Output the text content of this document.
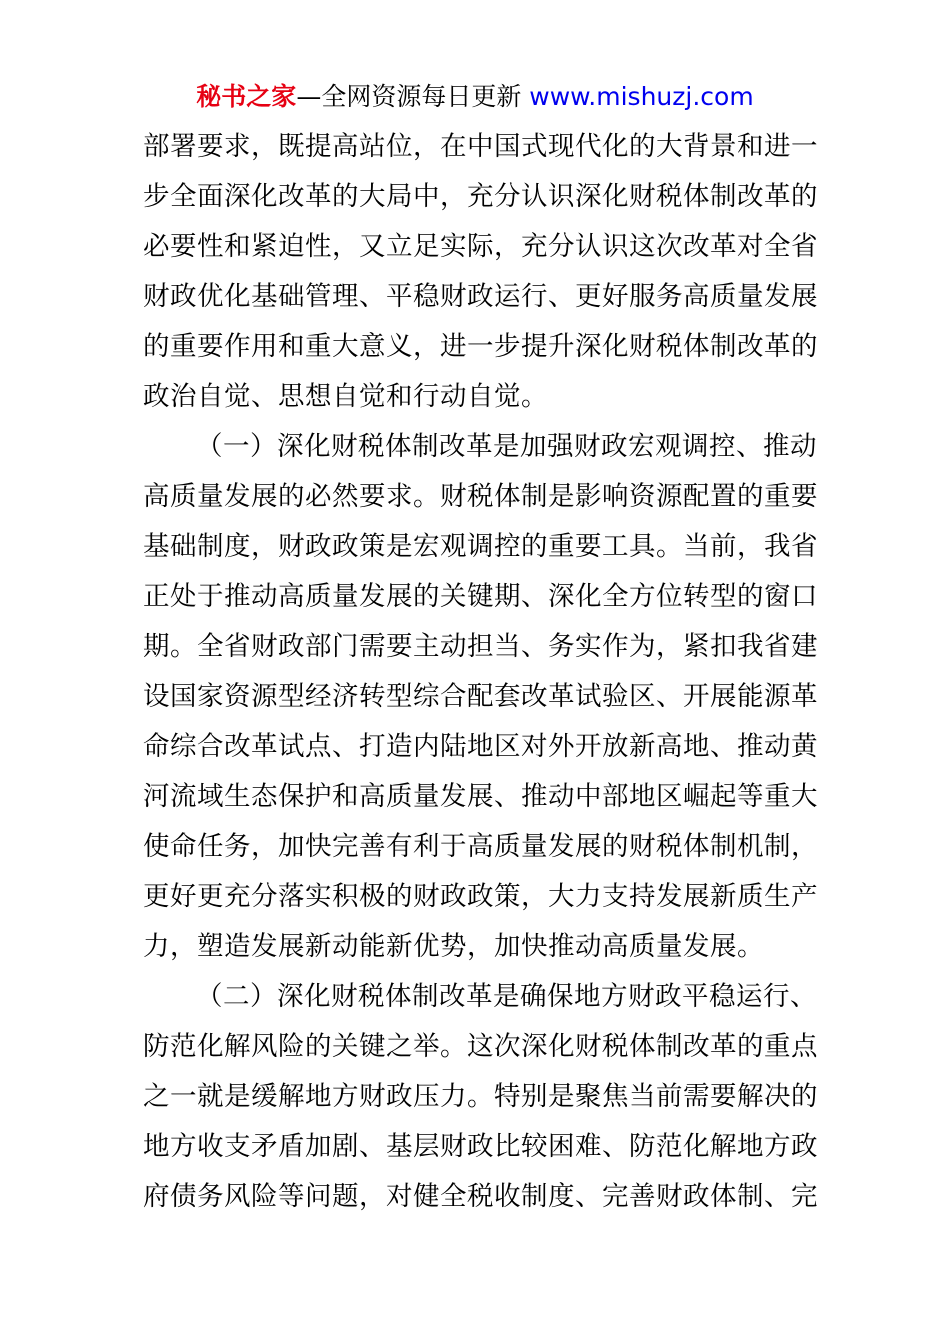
秘书之家—全网资源每日更新 www.mishuzj.com
部署要求，既提高站位，在中国式现代化的大背景和进一
步全面深化改革的大局中，充分认识深化财税体制改革的
必要性和紧迫性，又立足实际，充分认识这次改革对全省
财政优化基础管理、平稳财政运行、更好服务高质量发展
的重要作用和重大意义，进一步提升深化财税体制改革的
政治自觉、思想自觉和行动自觉。
（一）深化财税体制改革是加强财政宏观调控、推动
高质量发展的必然要求。财税体制是影响资源配置的重要
基础制度，财政政策是宏观调控的重要工具。当前，我省
正处于推动高质量发展的关键期、深化全方位转型的窗口
期。全省财政部门需要主动担当、务实作为，紧扣我省建
设国家资源型经济转型综合配套改革试验区、开展能源革
命综合改革试点、打造内陆地区对外开放新高地、推动黄
河流域生态保护和高质量发展、推动中部地区崛起等重大
使命任务，加快完善有利于高质量发展的财税体制机制，
更好更充分落实积极的财政政策，大力支持发展新质生产
力，塑造发展新动能新优势，加快推动高质量发展。
（二）深化财税体制改革是确保地方财政平稳运行、
防范化解风险的关键之举。这次深化财税体制改革的重点
之一就是缓解地方财政压力。特别是聚焦当前需要解决的
地方收支矛盾加剧、基层财政比较困难、防范化解地方政
府债务风险等问题，对健全税收制度、完善财政体制、完
